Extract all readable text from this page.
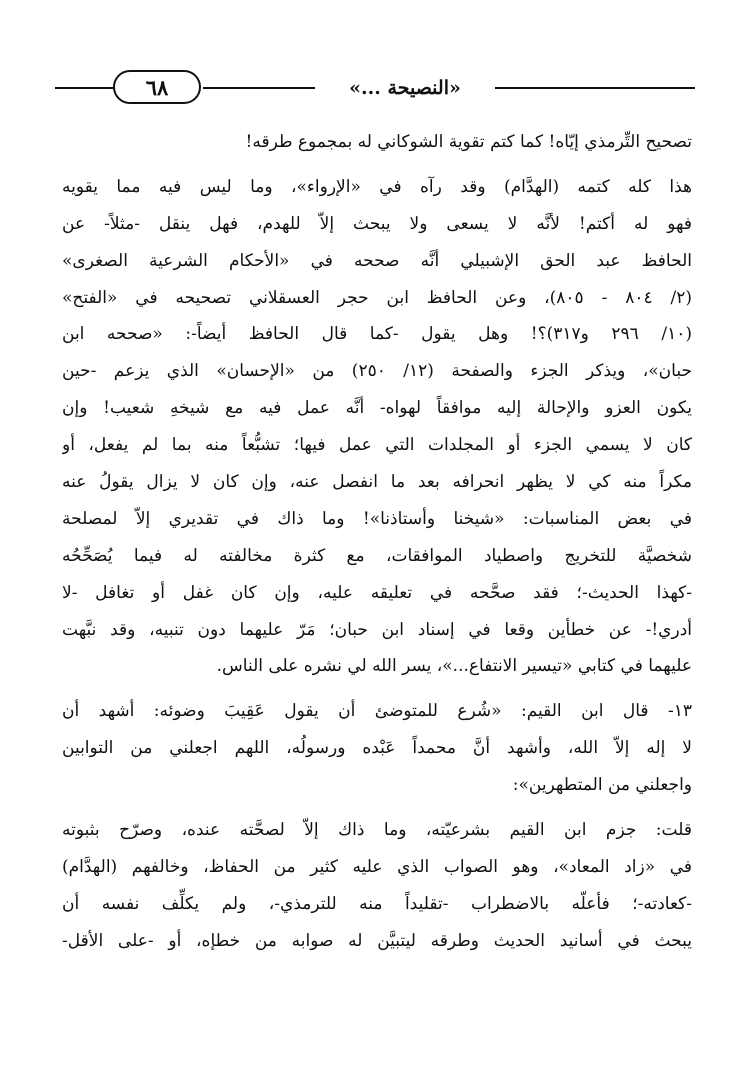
٦٨	«النصيحة ...»
تصحيح التِّرمذي إيّاه! كما كتم تقوية الشوكاني له بمجموع طرقه!
هذا كله كتمه (الهدَّام) وقد رآه في «الإرواء»، وما ليس فيه مما يقويه
فهو له أكتم! لأنَّه لا يسعى ولا يبحث إلاّ للهدم، فهل ينقل -مثلاً- عن
الحافظ عبد الحق الإشبيلي أنَّه صححه في «الأحكام الشرعية الصغرى»
(٢/ ٨٠٤ - ٨٠٥)، وعن الحافظ ابن حجر العسقلاني تصحيحه في «الفتح»
(١٠/ ٢٩٦ و٣١٧)؟! وهل يقول -كما قال الحافظ أيضاً-: «صححه ابن
حبان»، ويذكر الجزء والصفحة (١٢/ ٢٥٠) من «الإحسان» الذي يزعم -حين
يكون العزو والإحالة إليه موافقاً لهواه- أنَّه عمل فيه مع شيخهِ شعيب! وإن
كان لا يسمي الجزء أو المجلدات التي عمل فيها؛ تشبُّعاً منه بما لم يفعل، أو
مكراً منه كي لا يظهر انحرافه بعد ما انفصل عنه، وإن كان لا يزال يقولُ عنه
في بعض المناسبات: «شيخنا وأستاذنا»! وما ذاك في تقديري إلاّ لمصلحة
شخصيَّة للتخريج واصطياد الموافقات، مع كثرة مخالفته له فيما يُصَحِّحُه
-كهذا الحديث-؛ فقد صحَّحه في تعليقه عليه، وإن كان غفل أو تغافل -لا
أدري!- عن خطأين وقعا في إسناد ابن حبان؛ مَرّ عليهما دون تنبيه، وقد نبَّهت
عليهما في كتابي «تيسير الانتفاع...»، يسر الله لي نشره على الناس.
١٣- قال ابن القيم: «شُرع للمتوضئ أن يقول عَقِيبَ وضوئه: أشهد أن
لا إله إلاّ الله، وأشهد أنَّ محمداً عَبْده ورسولُه، اللهم اجعلني من التوابين
واجعلني من المتطهرين»:
قلت: جزم ابن القيم بشرعيّته، وما ذاك إلاّ لصحَّته عنده، وصرّح بثبوته
في «زاد المعاد»، وهو الصواب الذي عليه كثير من الحفاظ، وخالفهم (الهدَّام)
-كعادته-؛ فأعلّه بالاضطراب -تقليداً منه للترمذي-، ولم يكلِّف نفسه أن
يبحث في أسانيد الحديث وطرقه ليتبيَّن له صوابه من خطإه، أو -على الأقل-
